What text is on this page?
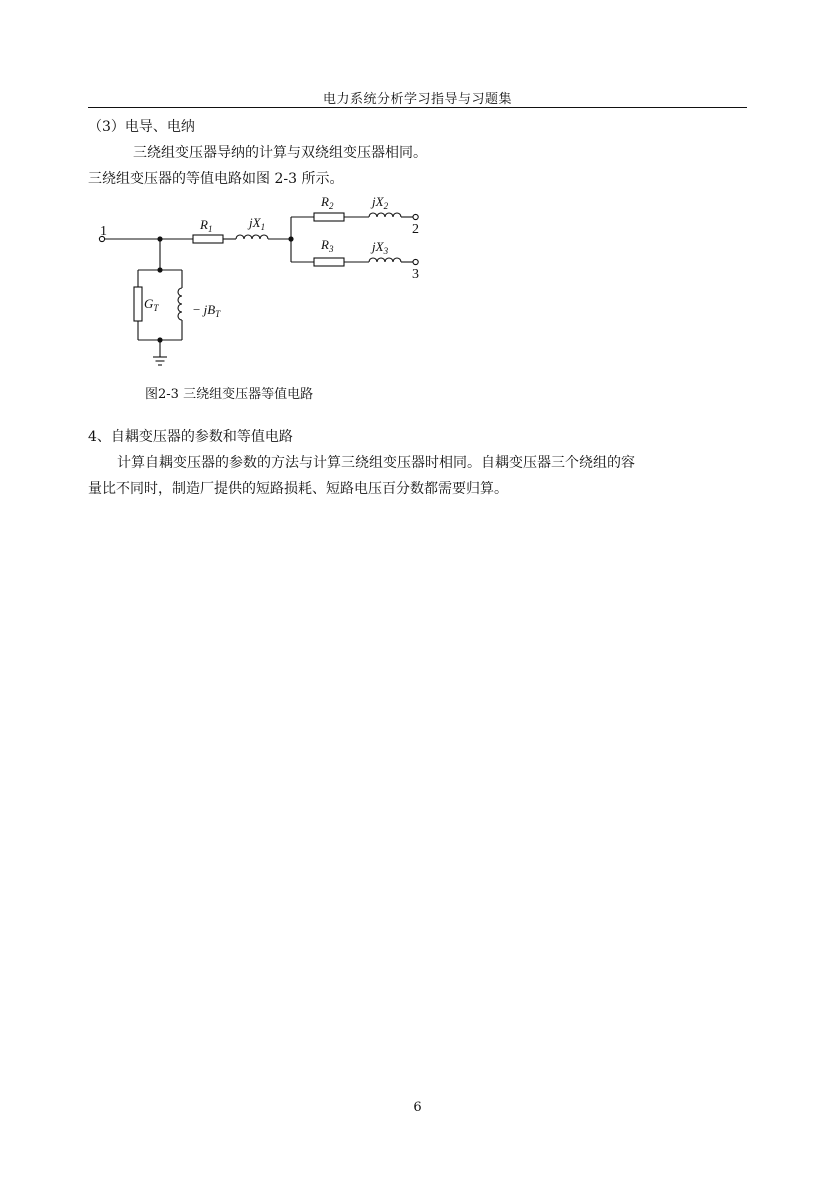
电力系统分析学习指导与习题集
（3）电导、电纳
三绕组变压器导纳的计算与双绕组变压器相同。
三绕组变压器的等值电路如图 2-3 所示。
1	2
3
$R_1$	$jX_1$
$R_2$	$jX_2$
$R_3$	$jX_3$
$G_T$	− $jB_T$
图2-3 三绕组变压器等值电路
4、自耦变压器的参数和等值电路
计算自耦变压器的参数的方法与计算三绕组变压器时相同。自耦变压器三个绕组的容
量比不同时，制造厂提供的短路损耗、短路电压百分数都需要归算。
6
